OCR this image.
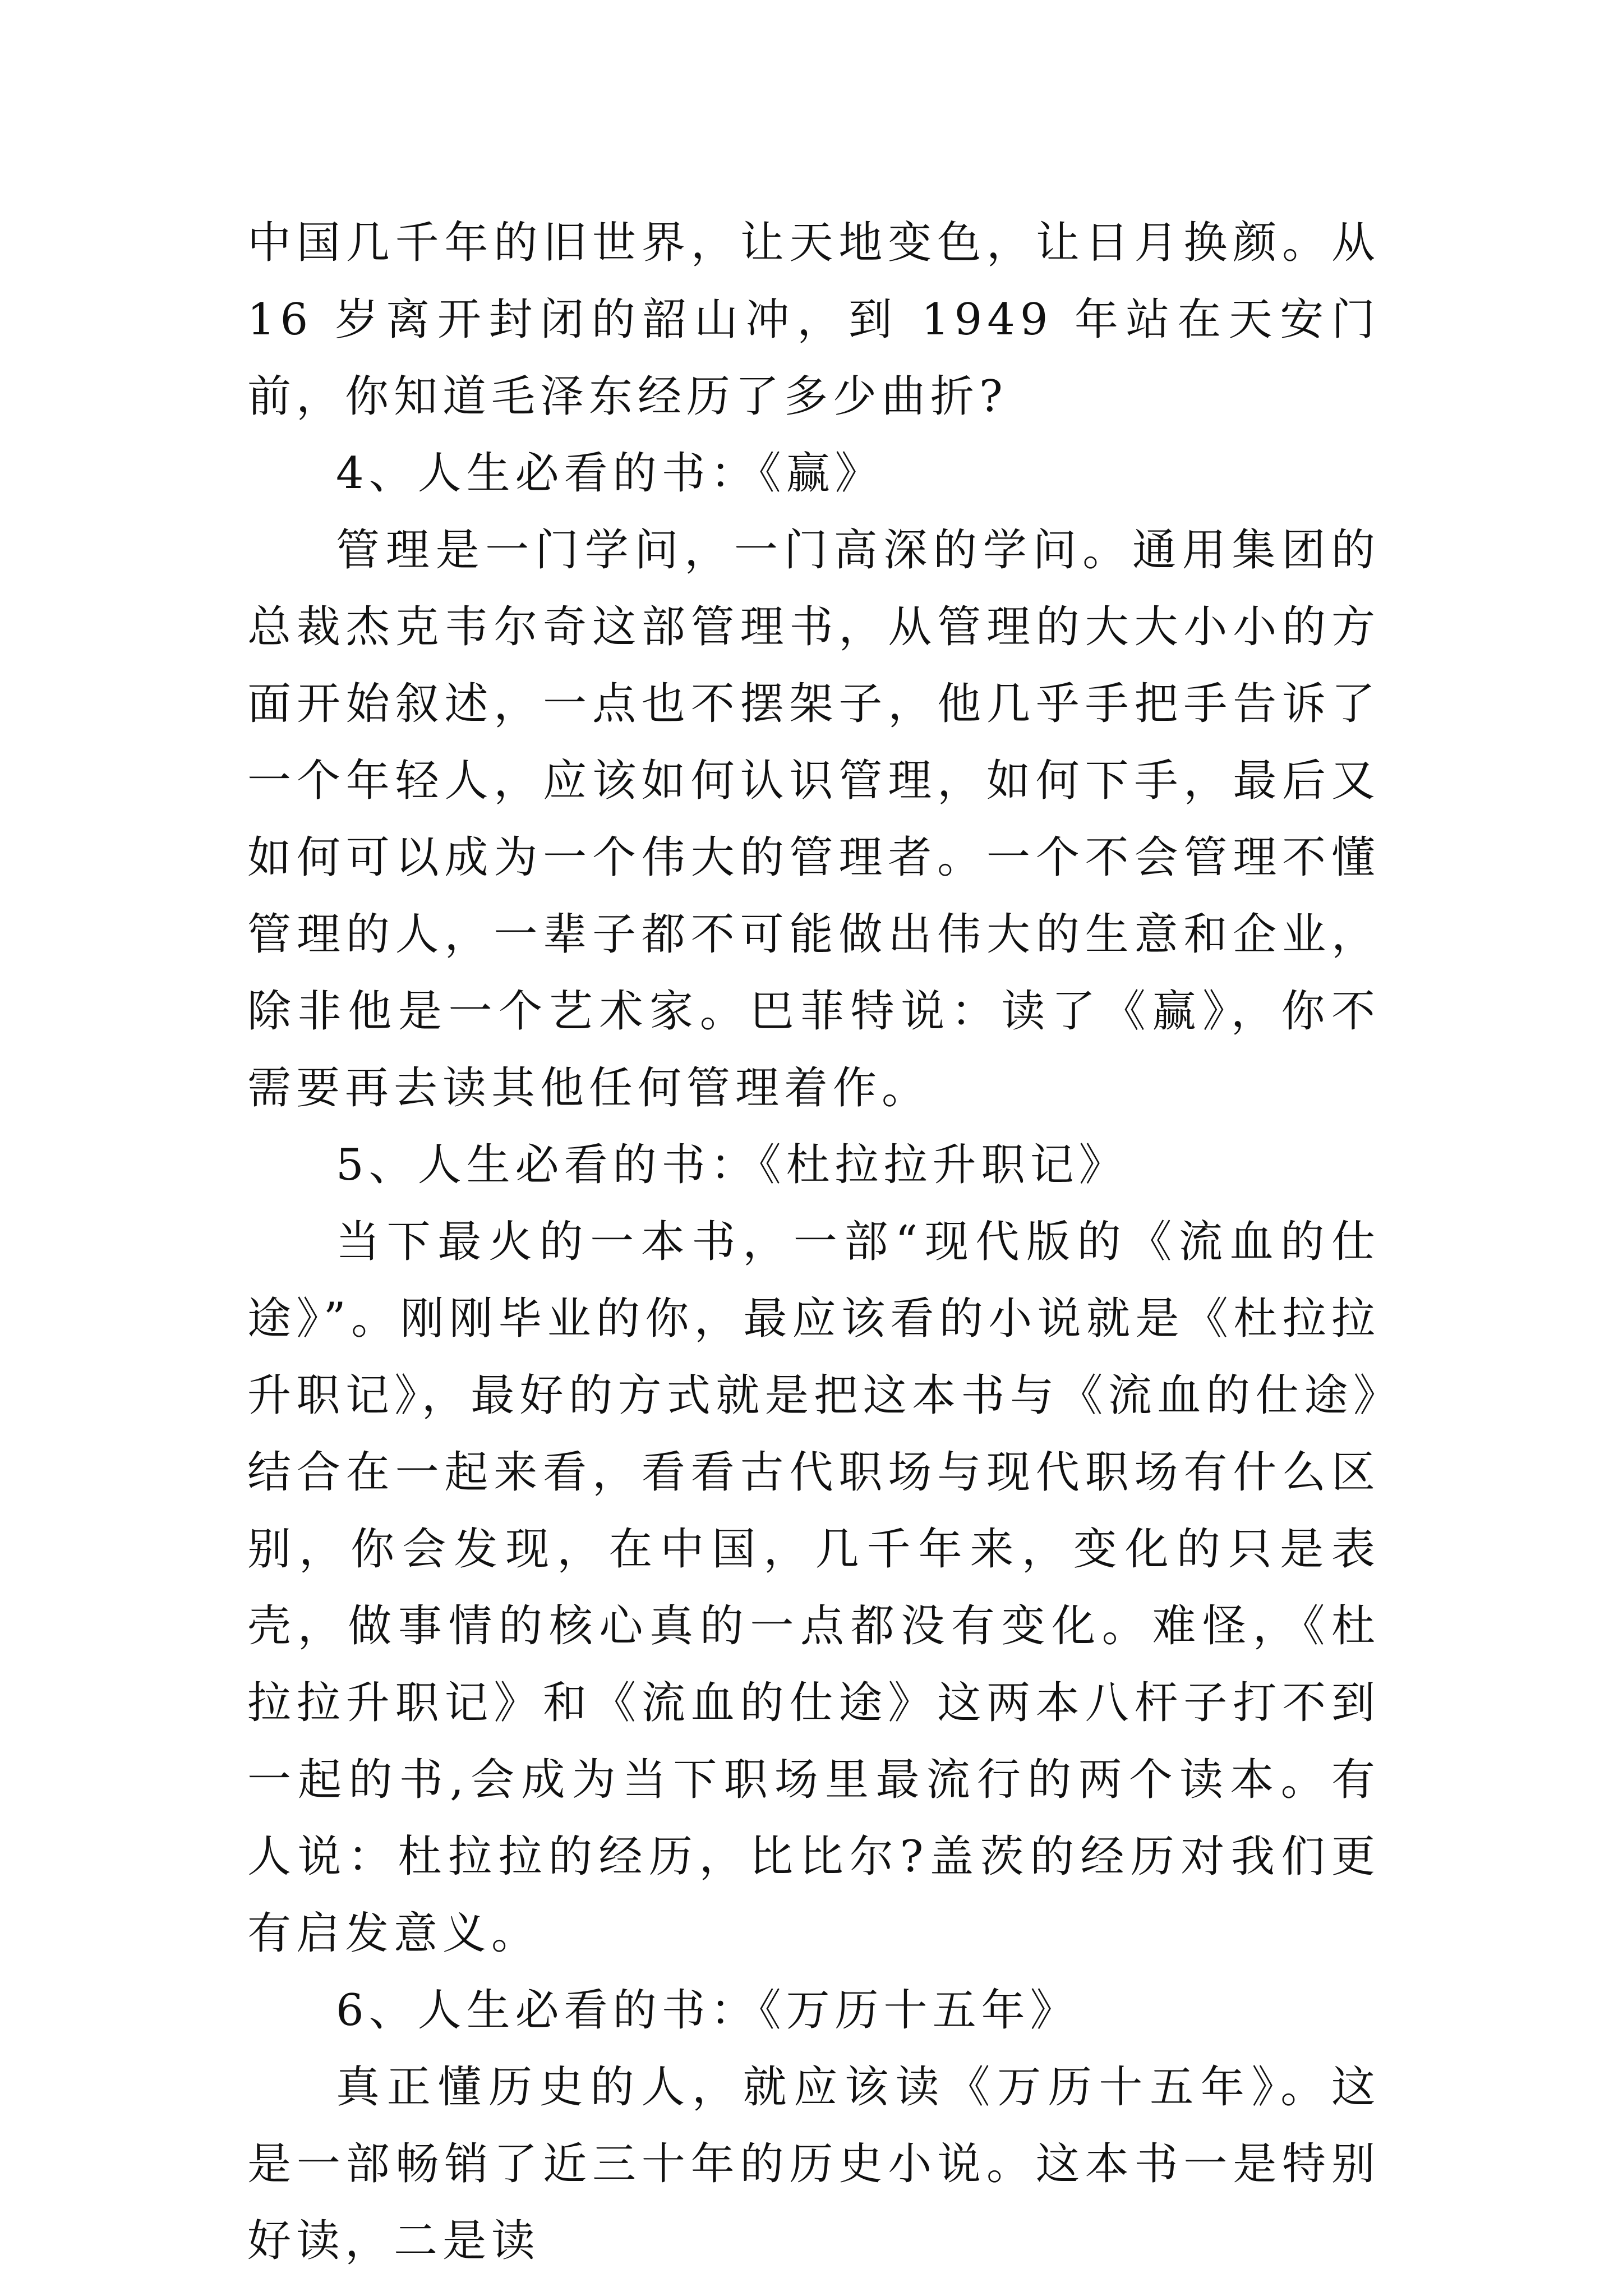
中国几千年的旧世界，让天地变色，让日月换颜。从 16 岁离开封闭的韶山冲，到 1949 年站在天安门前，你知道毛泽东经历了多少曲折?

4、人生必看的书：《赢》

管理是一门学问，一门高深的学问。通用集团的总裁杰克韦尔奇这部管理书，从管理的大大小小的方面开始叙述，一点也不摆架子，他几乎手把手告诉了一个年轻人，应该如何认识管理，如何下手，最后又如何可以成为一个伟大的管理者。一个不会管理不懂管理的人，一辈子都不可能做出伟大的生意和企业，除非他是一个艺术家。巴菲特说：读了《赢》，你不需要再去读其他任何管理着作。

5、人生必看的书：《杜拉拉升职记》

当下最火的一本书，一部“现代版的《流血的仕途》”。刚刚毕业的你，最应该看的小说就是《杜拉拉升职记》，最好的方式就是把这本书与《流血的仕途》结合在一起来看，看看古代职场与现代职场有什么区别，你会发现，在中国，几千年来，变化的只是表壳，做事情的核心真的一点都没有变化。难怪，《杜拉拉升职记》和《流血的仕途》这两本八杆子打不到一起的书,会成为当下职场里最流行的两个读本。有人说：杜拉拉的经历，比比尔?盖茨的经历对我们更有启发意义。

6、人生必看的书：《万历十五年》

真正懂历史的人，就应该读《万历十五年》。这是一部畅销了近三十年的历史小说。这本书一是特别好读，二是读
